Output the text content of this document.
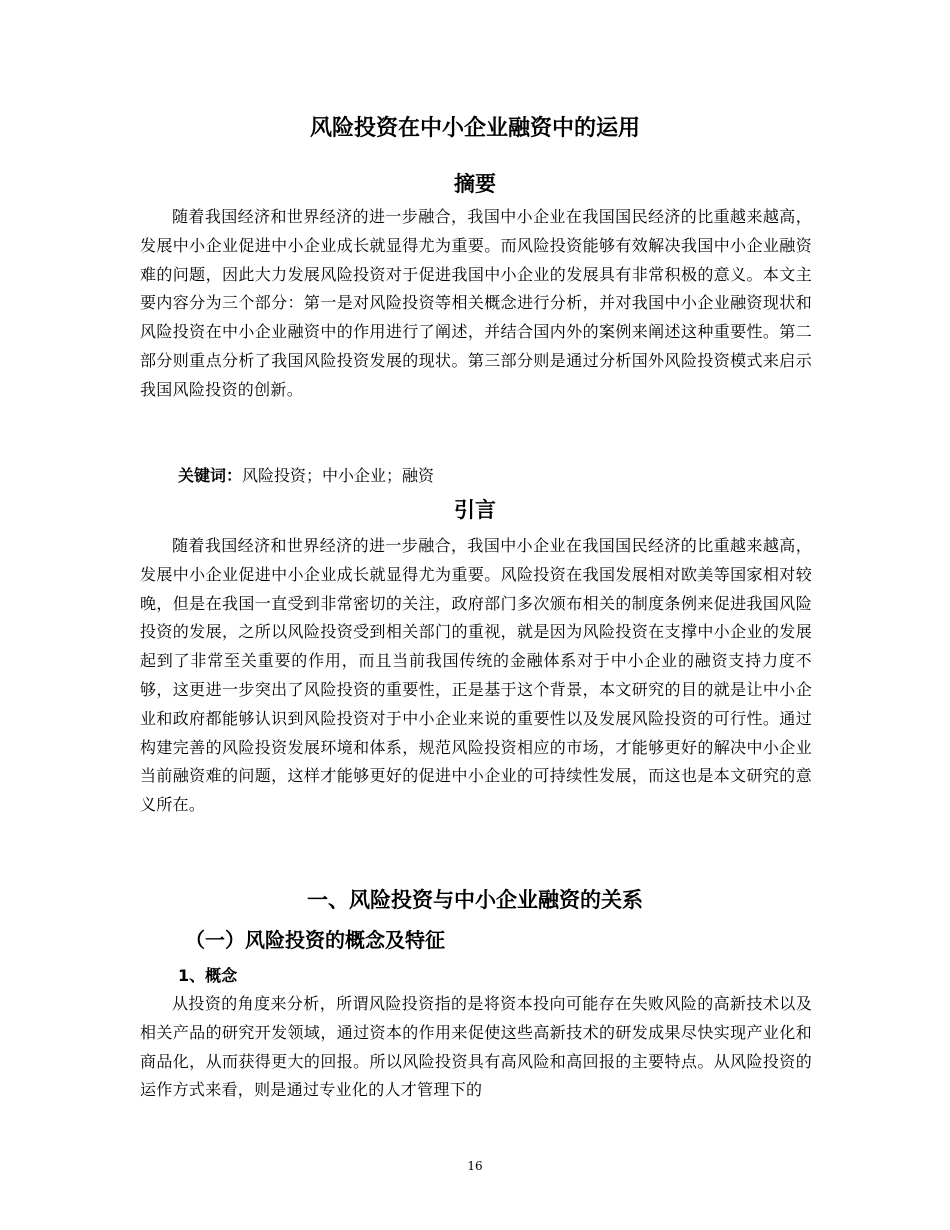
风险投资在中小企业融资中的运用
摘要

随着我国经济和世界经济的进一步融合，我国中小企业在我国国民经济的比重越来越高，发展中小企业促进中小企业成长就显得尤为重要。而风险投资能够有效解决我国中小企业融资难的问题，因此大力发展风险投资对于促进我国中小企业的发展具有非常积极的意义。本文主要内容分为三个部分：第一是对风险投资等相关概念进行分析，并对我国中小企业融资现状和风险投资在中小企业融资中的作用进行了阐述，并结合国内外的案例来阐述这种重要性。第二部分则重点分析了我国风险投资发展的现状。第三部分则是通过分析国外风险投资模式来启示我国风险投资的创新。

关键词：风险投资；中小企业；融资

引言

随着我国经济和世界经济的进一步融合，我国中小企业在我国国民经济的比重越来越高，发展中小企业促进中小企业成长就显得尤为重要。风险投资在我国发展相对欧美等国家相对较晚，但是在我国一直受到非常密切的关注，政府部门多次颁布相关的制度条例来促进我国风险投资的发展，之所以风险投资受到相关部门的重视，就是因为风险投资在支撑中小企业的发展起到了非常至关重要的作用，而且当前我国传统的金融体系对于中小企业的融资支持力度不够，这更进一步突出了风险投资的重要性，正是基于这个背景，本文研究的目的就是让中小企业和政府都能够认识到风险投资对于中小企业来说的重要性以及发展风险投资的可行性。通过构建完善的风险投资发展环境和体系，规范风险投资相应的市场，才能够更好的解决中小企业当前融资难的问题，这样才能够更好的促进中小企业的可持续性发展，而这也是本文研究的意义所在。

一、风险投资与中小企业融资的关系
（一）风险投资的概念及特征
1、概念

从投资的角度来分析，所谓风险投资指的是将资本投向可能存在失败风险的高新技术以及相关产品的研究开发领域，通过资本的作用来促使这些高新技术的研发成果尽快实现产业化和商品化，从而获得更大的回报。所以风险投资具有高风险和高回报的主要特点。从风险投资的运作方式来看，则是通过专业化的人才管理下的

16
